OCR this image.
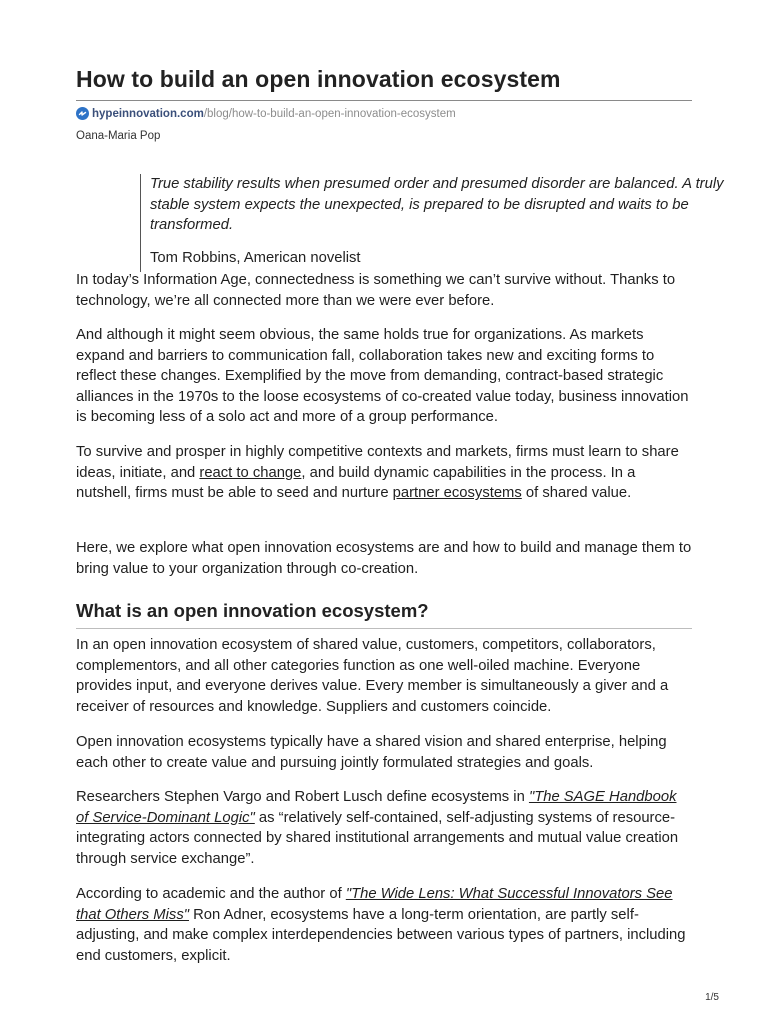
How to build an open innovation ecosystem
hypeinnovation.com /blog/how-to-build-an-open-innovation-ecosystem
Oana-Maria Pop

True stability results when presumed order and presumed disorder are balanced. A truly stable system expects the unexpected, is prepared to be disrupted and waits to be transformed.

Tom Robbins, American novelist

In today’s Information Age, connectedness is something we can’t survive without. Thanks to technology, we’re all connected more than we were ever before.

And although it might seem obvious, the same holds true for organizations. As markets expand and barriers to communication fall, collaboration takes new and exciting forms to reflect these changes. Exemplified by the move from demanding, contract-based strategic alliances in the 1970s to the loose ecosystems of co-created value today, business innovation is becoming less of a solo act and more of a group performance.

To survive and prosper in highly competitive contexts and markets, firms must learn to share ideas, initiate, and react to change, and build dynamic capabilities in the process. In a nutshell, firms must be able to seed and nurture partner ecosystems of shared value.

Here, we explore what open innovation ecosystems are and how to build and manage them to bring value to your organization through co-creation.

What is an open innovation ecosystem?

In an open innovation ecosystem of shared value, customers, competitors, collaborators, complementors, and all other categories function as one well-oiled machine. Everyone provides input, and everyone derives value. Every member is simultaneously a giver and a receiver of resources and knowledge. Suppliers and customers coincide.

Open innovation ecosystems typically have a shared vision and shared enterprise, helping each other to create value and pursuing jointly formulated strategies and goals.

Researchers Stephen Vargo and Robert Lusch define ecosystems in "The SAGE Handbook of Service-Dominant Logic" as “relatively self-contained, self-adjusting systems of resource-integrating actors connected by shared institutional arrangements and mutual value creation through service exchange”.

According to academic and the author of "The Wide Lens: What Successful Innovators See that Others Miss" Ron Adner, ecosystems have a long-term orientation, are partly self-adjusting, and make complex interdependencies between various types of partners, including end customers, explicit.

1/5
